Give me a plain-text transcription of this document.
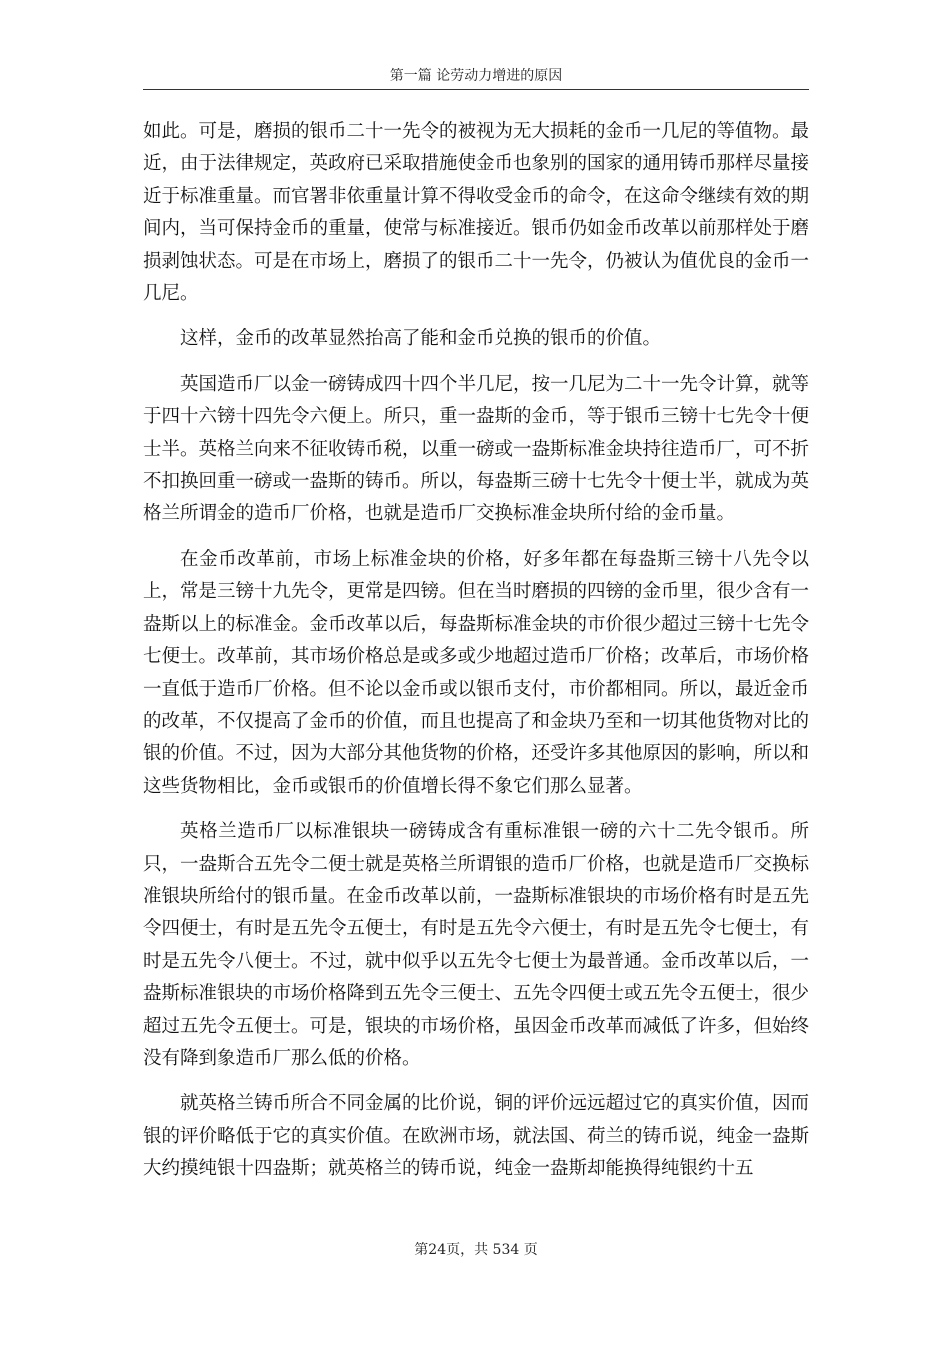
第一篇 论劳动力增进的原因

如此。可是，磨损的银币二十一先令的被视为无大损耗的金币一几尼的等值物。最近，由于法律规定，英政府已采取措施使金币也象别的国家的通用铸币那样尽量接近于标准重量。而官署非依重量计算不得收受金币的命令，在这命令继续有效的期间内，当可保持金币的重量，使常与标准接近。银币仍如金币改革以前那样处于磨损剥蚀状态。可是在市场上，磨损了的银币二十一先令，仍被认为值优良的金币一几尼。

这样，金币的改革显然抬高了能和金币兑换的银币的价值。

英国造币厂以金一磅铸成四十四个半几尼，按一几尼为二十一先令计算，就等于四十六镑十四先令六便上。所只，重一盎斯的金币，等于银币三镑十七先令十便士半。英格兰向来不征收铸币税，以重一磅或一盎斯标准金块持往造币厂，可不折不扣换回重一磅或一盎斯的铸币。所以，每盎斯三磅十七先令十便士半，就成为英格兰所谓金的造币厂价格，也就是造币厂交换标准金块所付给的金币量。

在金币改革前，市场上标准金块的价格，好多年都在每盎斯三镑十八先令以上，常是三镑十九先令，更常是四镑。但在当时磨损的四镑的金币里，很少含有一盎斯以上的标准金。金币改革以后，每盎斯标准金块的市价很少超过三镑十七先令七便士。改革前，其市场价格总是或多或少地超过造币厂价格；改革后，市场价格一直低于造币厂价格。但不论以金币或以银币支付，市价都相同。所以，最近金币的改革，不仅提高了金币的价值，而且也提高了和金块乃至和一切其他货物对比的银的价值。不过，因为大部分其他货物的价格，还受许多其他原因的影响，所以和这些货物相比，金币或银币的价值增长得不象它们那么显著。

英格兰造币厂以标准银块一磅铸成含有重标准银一磅的六十二先令银币。所只，一盎斯合五先令二便士就是英格兰所谓银的造币厂价格，也就是造币厂交换标准银块所给付的银币量。在金币改革以前，一盎斯标准银块的市场价格有时是五先令四便士，有时是五先令五便士，有时是五先令六便士，有时是五先令七便士，有时是五先令八便士。不过，就中似乎以五先令七便士为最普通。金币改革以后，一盎斯标准银块的市场价格降到五先令三便士、五先令四便士或五先令五便士，很少超过五先令五便士。可是，银块的市场价格，虽因金币改革而减低了许多，但始终没有降到象造币厂那么低的价格。

就英格兰铸币所合不同金属的比价说，铜的评价远远超过它的真实价值，因而银的评价略低于它的真实价值。在欧洲市场，就法国、荷兰的铸币说，纯金一盎斯大约摸纯银十四盎斯；就英格兰的铸币说，纯金一盎斯却能换得纯银约十五

第24页，共 534 页
